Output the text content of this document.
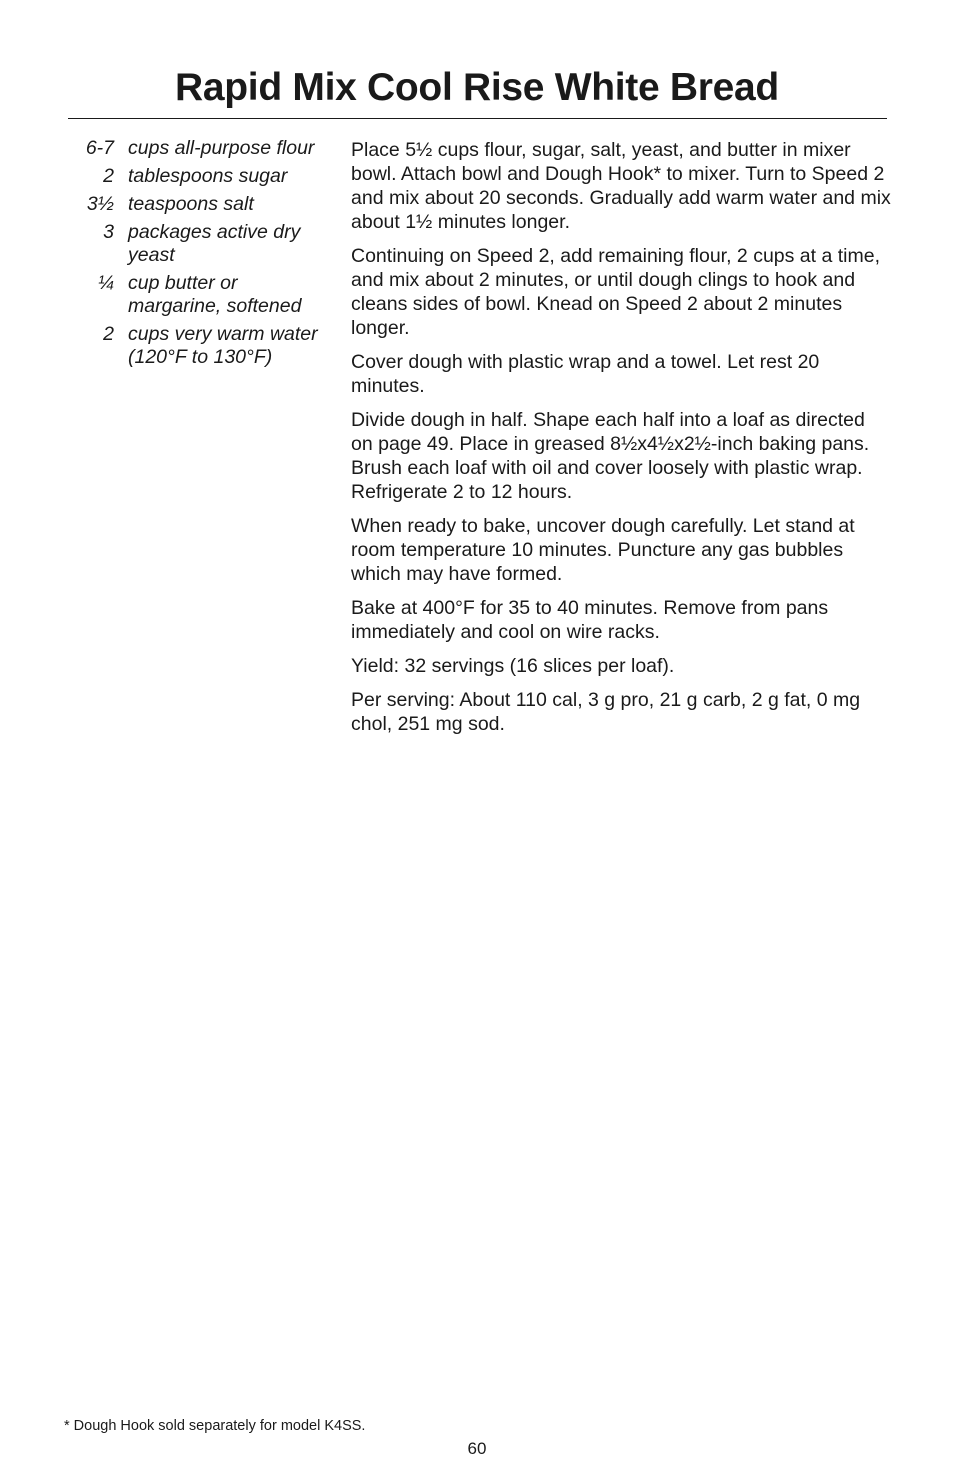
Rapid Mix Cool Rise White Bread
6-7 cups all-purpose flour
2 tablespoons sugar
3½ teaspoons salt
3 packages active dry yeast
¼ cup butter or margarine, softened
2 cups very warm water (120°F to 130°F)

Place 5½ cups flour, sugar, salt, yeast, and butter in mixer bowl. Attach bowl and Dough Hook* to mixer. Turn to Speed 2 and mix about 20 seconds. Gradually add warm water and mix about 1½ minutes longer.

Continuing on Speed 2, add remaining flour, 2 cups at a time, and mix about 2 minutes, or until dough clings to hook and cleans sides of bowl. Knead on Speed 2 about 2 minutes longer.

Cover dough with plastic wrap and a towel. Let rest 20 minutes.

Divide dough in half. Shape each half into a loaf as directed on page 49. Place in greased 8½x4½x2½-inch baking pans. Brush each loaf with oil and cover loosely with plastic wrap. Refrigerate 2 to 12 hours.

When ready to bake, uncover dough carefully. Let stand at room temperature 10 minutes. Puncture any gas bubbles which may have formed.

Bake at 400°F for 35 to 40 minutes. Remove from pans immediately and cool on wire racks.

Yield: 32 servings (16 slices per loaf).

Per serving: About 110 cal, 3 g pro, 21 g carb, 2 g fat, 0 mg chol, 251 mg sod.

* Dough Hook sold separately for model K4SS.
60
